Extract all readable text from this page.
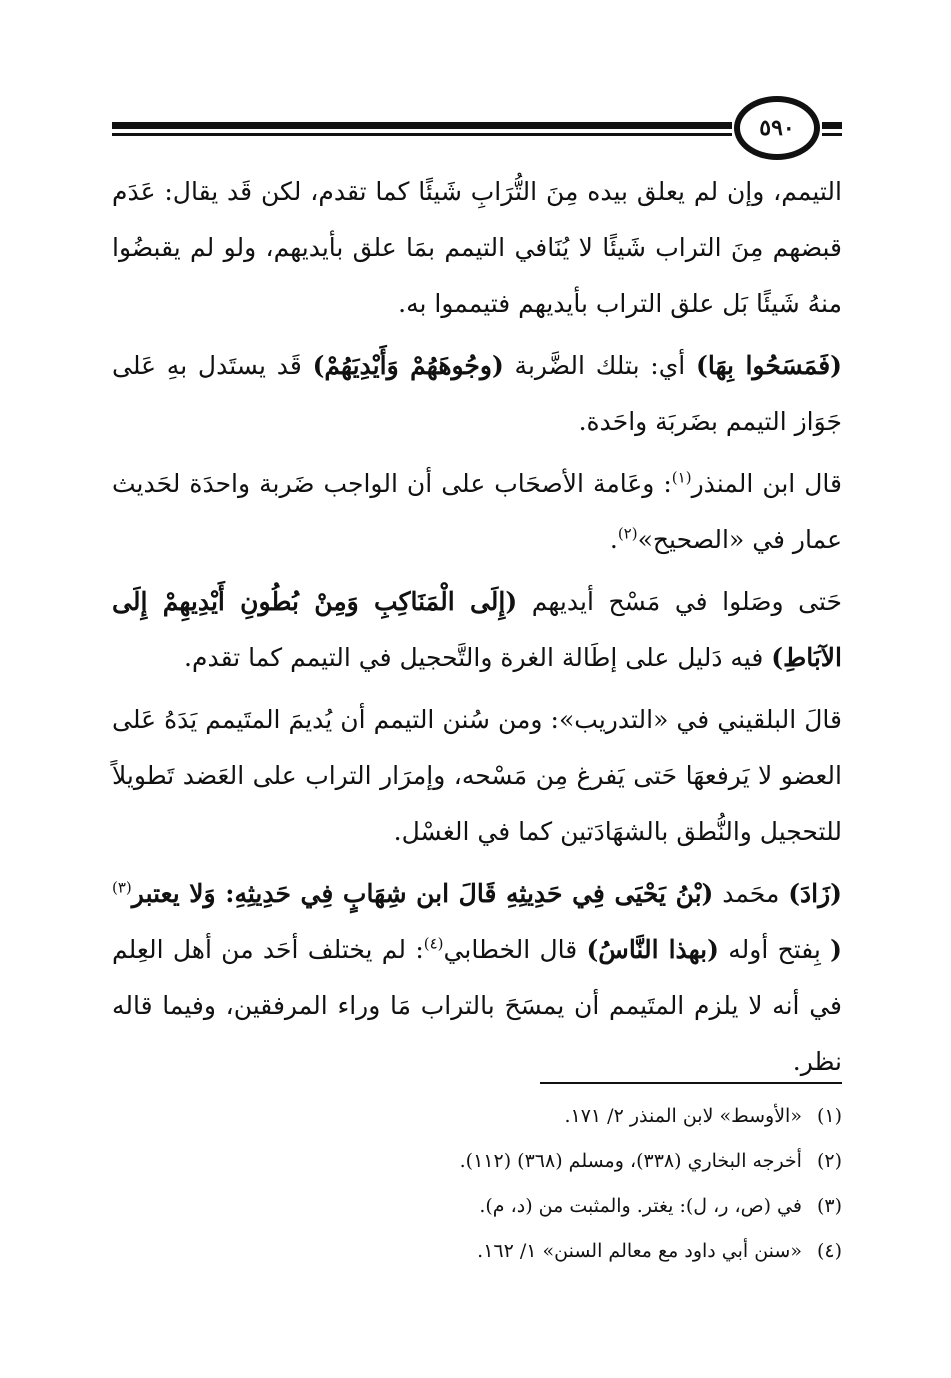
٥٩٠

التيمم، وإن لم يعلق بيده مِنَ التُّرَابِ شَيئًا كما تقدم، لكن قَد يقال: عَدَم قبضهم مِنَ التراب شَيئًا لا يُنَافي التيمم بمَا علق بأيديهم، ولو لم يقبضُوا منهُ شَيئًا بَل علق التراب بأيديهم فتيمموا به.

(فَمَسَحُوا بِهَا) أي: بتلك الضَّربة (وجُوهَهُمْ وَأَيْدِيَهُمْ) قَد يستَدل بهِ عَلى جَوَاز التيمم بضَربَة واحَدة.

قال ابن المنذر$^{(١)}$: وعَامة الأصحَاب على أن الواجب ضَربة واحدَة لحَديث عمار في «الصحيح»$^{(٢)}$.

حَتى وصَلوا في مَسْح أيديهم (إِلَى الْمَنَاكِبِ وَمِنْ بُطُونِ أَيْدِيهِمْ إِلَى الآبَاطِ) فيه دَليل على إطَالة الغرة والتَّحجيل في التيمم كما تقدم.

قالَ البلقيني في «التدريب»: ومن سُنن التيمم أن يُديمَ المتَيمم يَدَهُ عَلى العضو لا يَرفعهَا حَتى يَفرغ مِن مَسْحه، وإمرَار التراب على العَضد تَطويلاً للتحجيل والنُّطق بالشهَادَتين كما في الغسْل.

(زَادَ) محَمد (بْنُ يَحْيَى فِي حَدِيثِهِ قَالَ ابن شِهَابٍ فِي حَدِيثِهِ: وَلا يعتبر$^{(٣)}$( بِفتح أوله (بهذا النَّاسُ) قال الخطابي$^{(٤)}$: لم يختلف أحَد من أهل العِلم في أنه لا يلزم المتَيمم أن يمسَحَ بالتراب مَا وراء المرفقين، وفيما قاله نظر.

(١) «الأوسط» لابن المنذر ٢/ ١٧١.
(٢) أخرجه البخاري (٣٣٨)، ومسلم (٣٦٨) (١١٢).
(٣) في (ص، ر، ل): يغتر. والمثبت من (د، م).
(٤) «سنن أبي داود مع معالم السنن» ١/ ١٦٢.
